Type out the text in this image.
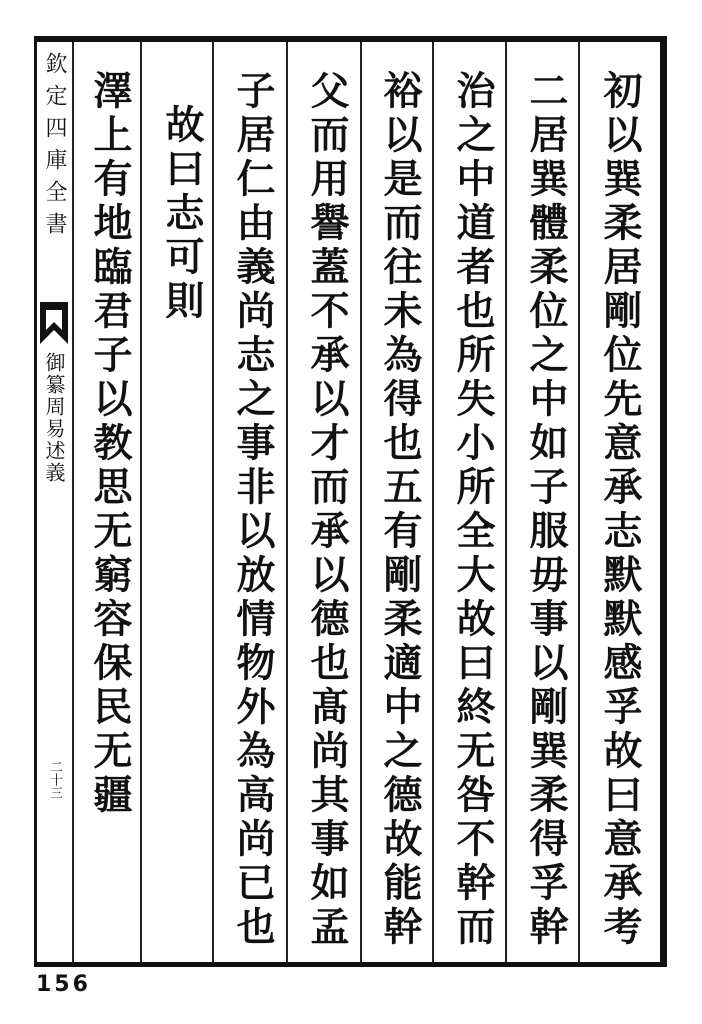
欽定四庫全書
御纂周易述義
二十三	初以巽柔居剛位先意承志默默感孚故曰意承考
二居巽體柔位之中如子服毋事以剛巽柔得孚幹
治之中道者也所失小所全大故曰終无咎不幹而
裕以是而往未為得也五有剛柔適中之德故能幹
父而用譽蓋不承以才而承以德也髙尚其事如孟
子居仁由義尚志之事非以放情物外為高尚已也
故曰志可則
澤上有地臨君子以教思无窮容保民无疆
156
